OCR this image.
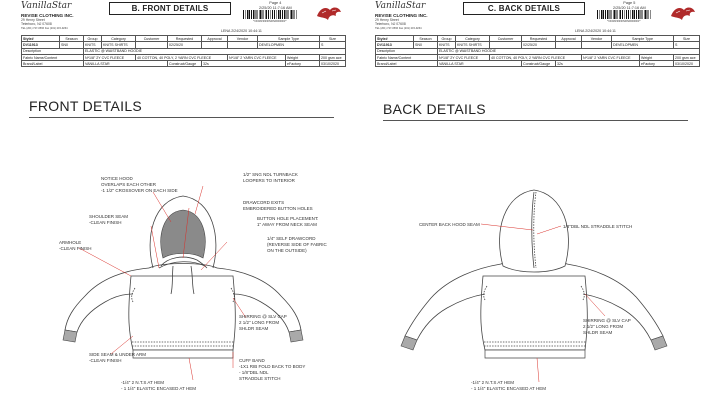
VanillaStar
REVISE CLOTHING INC.
29 Henry Street
Teterboro, NJ 07608
TEL (201) 727-0566 Fax (201) 215-9264
B. FRONT DETAILS
Page 4
2/25/20 11:7:16 AM
*NNRRRRRNRNRRRRR*
LENA 2/24/2020 10:44:11
Style#	Season	Group	Category	Customer	Requested	Approval	Vendor	Sample Type		Size
DV11913	SN0	KNITS	KNITS SHIRTS		02/25/20			DEVELOPMEN		S
Description		ELASTIC @ WAISTBAND HOODIE								
Fabric Name/Content		N*1/8" 2Y CVC FLEECE		40 COTTON, 40 POLY, 2 YARN CVC FLEECE			N*1/8" 2 YARN CVC FLEECE		Weight	200 gsm ace
Brand/Label		VANILLA STAR			Construct/Gauge	32s			eFactory	03/10/2020
FRONT DETAILS
NOTICE HOOD
OVERLAPS EACH OTHER
-1 1/2" CROSSOVER ON EACH SIDE
1/2" SNG NDL TURNBACK
LOOPERS TO INTERIOR
DRAWCORD EXITS
EMBROIDERED BUTTON HOLES
BUTTON HOLE PLACEMENT:
1" AWAY FROM NECK SEAM
SHOULDER SEAM
-CLEAN FINISH
ARMHOLE
-CLEAN FINISH
1/4" SELF DRAWCORD
(REVERSE SIDE OF FABRIC
ON THE OUTSIDE)
SHIRRING @ SLV CAP
2 1/2" LONG FROM
SHLDR SEAM
CUFF BAND
-1X1 RIB FOLD BACK TO BODY
- 1/8"DBL NDL
STRADDLE STITCH
SIDE SEAM & UNDER ARM
-CLEAN FINISH
-1/4" 2 N.T.S AT HEM
- 1 1/4" ELASTIC ENCASED AT HEM
VanillaStar
REVISE CLOTHING INC.
29 Henry Street
Teterboro, NJ 07608
TEL (201) 727-0566 Fax (201) 215-9264
C. BACK DETAILS
Page 5
2/25/20 11:7:16 AM
*NNRRRRRNRNRRRRR*
LENA 2/24/2020 10:44:11
Style#	Season	Group	Category	Customer	Requested	Approval	Vendor	Sample Type		Size
DV11913	SN0	KNITS	KNITS SHIRTS		02/25/20			DEVELOPMEN		S
Description		ELASTIC @ WAISTBAND HOODIE								
Fabric Name/Content		N*1/8" 2Y CVC FLEECE		40 COTTON, 40 POLY, 2 YARN CVC FLEECE			N*1/8" 2 YARN CVC FLEECE		Weight	200 gsm ace
Brand/Label		VANILLA STAR			Construct/Gauge	32s			eFactory	03/10/2020
BACK DETAILS
CENTER BACK HOOD SEAM	1/8"DBL NDL STRADDLE STITCH
SHIRRING @ SLV CAP
2 1/2" LONG FROM
SHLDR SEAM
-1/4" 2 N.T.S AT HEM
- 1 1/4" ELASTIC ENCASED AT HEM
